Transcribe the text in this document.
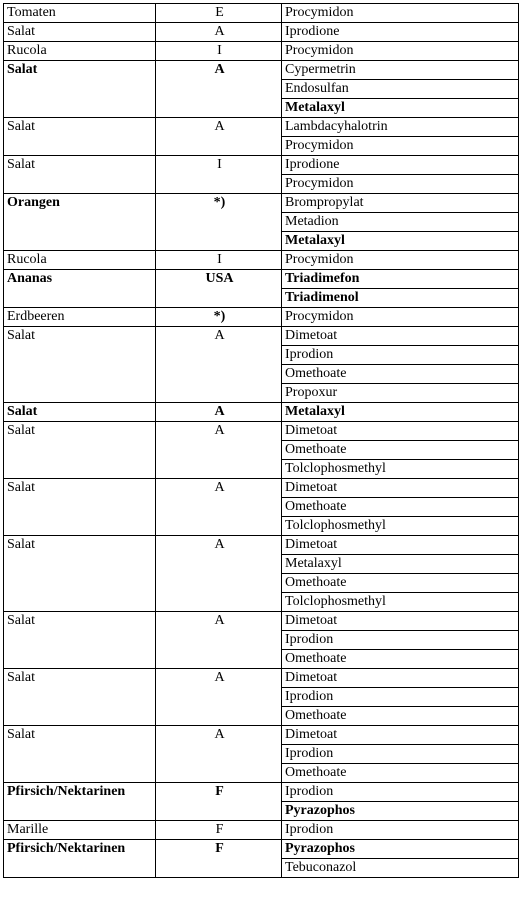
Tomaten	E	Procymidon
Salat	A	Iprodione
Rucola	I	Procymidon
Salat	A	Cypermetrin
		Endosulfan
		Metalaxyl
Salat	A	Lambdacyhalotrin
		Procymidon
Salat	I	Iprodione
		Procymidon
Orangen	*)	Brompropylat
		Metadion
		Metalaxyl
Rucola	I	Procymidon
Ananas	USA	Triadimefon
		Triadimenol
Erdbeeren	*)	Procymidon
Salat	A	Dimetoat
		Iprodion
		Omethoate
		Propoxur
Salat	A	Metalaxyl
Salat	A	Dimetoat
		Omethoate
		Tolclophosmethyl
Salat	A	Dimetoat
		Omethoate
		Tolclophosmethyl
Salat	A	Dimetoat
		Metalaxyl
		Omethoate
		Tolclophosmethyl
Salat	A	Dimetoat
		Iprodion
		Omethoate
Salat	A	Dimetoat
		Iprodion
		Omethoate
Salat	A	Dimetoat
		Iprodion
		Omethoate
Pfirsich/Nektarinen	F	Iprodion
		Pyrazophos
Marille	F	Iprodion
Pfirsich/Nektarinen	F	Pyrazophos
		Tebuconazol
